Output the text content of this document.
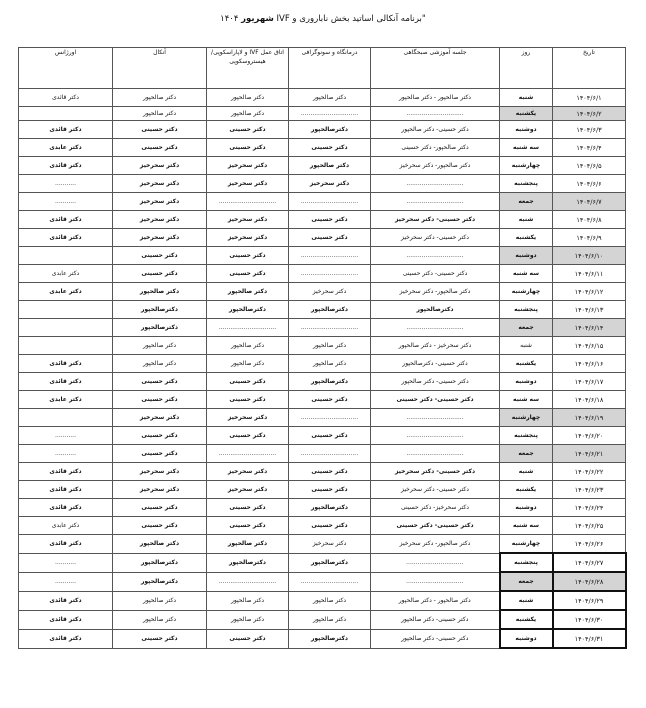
"برنامه آنکالی اساتید بخش ناباروری و IVF شهریور ۱۴۰۴
تاریخ	روز	جلسه آموزشی صبحگاهی	درمانگاه و سونوگرافی	اتاق عمل IVF و لاپاراسکوپی/ هیستروسکوپی	آنکال	اورژانس
۱۴۰۴/۶/۱	شنبه	دکتر صالحپور - دکتر صالحپور	دکتر صالحپور	دکتر صالحپور	دکتر صالحپور	دکتر قائدی
۱۴۰۴/۶/۲	یکشنبه	..............................	..............................	دکتر صالحپور	دکتر صالحپور	
۱۴۰۴/۶/۳	دوشنبه	دکتر حسینی- دکتر صالحپور	دکترصالحپور	دکتر حسینی	دکتر حسینی	دکتر قائدی
۱۴۰۴/۶/۴	سه شنبه	دکتر صالحپور- دکتر حسینی	دکتر حسینی	دکتر حسینی	دکتر حسینی	دکتر عابدی
۱۴۰۴/۶/۵	چهارشنبه	دکتر صالحپور- دکتر سحرخیز	دکتر صالحپور	دکتر سحرخیز	دکتر سحرخیز	دکتر قائدی
۱۴۰۴/۶/۶	پنجشنبه	..............................	دکتر سحرخیز	دکتر سحرخیز	دکتر سحرخیز	...........
۱۴۰۴/۶/۷	جمعه	..............................	..............................	..............................	دکتر سحرخیز	...........
۱۴۰۴/۶/۸	شنبه	دکتر حسینی- دکتر سحرخیز	دکتر حسینی	دکتر سحرخیز	دکتر سحرخیز	دکتر قائدی
۱۴۰۴/۶/۹	یکشنبه	دکتر حسینی- دکتر سحرخیز	دکتر حسینی	دکتر سحرخیز	دکتر سحرخیز	دکتر قائدی
۱۴۰۴/۶/۱۰	دوشنبه	..............................	..............................	دکتر حسینی	دکتر حسینی	
۱۴۰۴/۶/۱۱	سه شنبه	دکتر حسینی- دکتر حسینی	..............................	دکتر حسینی	دکتر حسینی	دکتر عابدی
۱۴۰۴/۶/۱۲	چهارشنبه	دکتر صالحپور- دکتر سحرخیز	دکتر سحرخیز	دکتر صالحپور	دکتر صالحپور	دکتر عابدی
۱۴۰۴/۶/۱۳	پنجشنبه	دکترصالحپور	دکترصالحپور	دکترصالحپور	دکترصالحپور	
۱۴۰۴/۶/۱۴	جمعه	..............................	..............................	..............................	دکترصالحپور	
۱۴۰۴/۶/۱۵	شنبه	دکتر سحرخیز - دکتر صالحپور	دکتر صالحپور	دکتر صالحپور	دکتر صالحپور	
۱۴۰۴/۶/۱۶	یکشنبه	دکتر حسینی- دکترصالحپور	دکتر صالحپور	دکتر صالحپور	دکتر صالحپور	دکتر قائدی
۱۴۰۴/۶/۱۷	دوشنبه	دکتر حسینی- دکتر صالحپور	دکترصالحپور	دکتر حسینی	دکتر حسینی	دکتر قائدی
۱۴۰۴/۶/۱۸	سه شنبه	دکتر حسینی- دکتر حسینی	دکتر حسینی	دکتر حسینی	دکتر حسینی	دکتر عابدی
۱۴۰۴/۶/۱۹	چهارشنبه	..............................	..............................	دکتر سحرخیز	دکتر سحرخیز	
۱۴۰۴/۶/۲۰	پنجشنبه	..............................	دکتر حسینی	دکتر حسینی	دکتر حسینی	...........
۱۴۰۴/۶/۲۱	جمعه	..............................	..............................	..............................	دکتر حسینی	...........
۱۴۰۴/۶/۲۲	شنبه	دکتر حسینی- دکتر سحرخیز	دکتر حسینی	دکتر سحرخیز	دکتر سحرخیز	دکتر قائدی
۱۴۰۴/۶/۲۳	یکشنبه	دکتر حسینی- دکتر سحرخیز	دکتر حسینی	دکتر سحرخیز	دکتر سحرخیز	دکتر قائدی
۱۴۰۴/۶/۲۴	دوشنبه	دکتر سحرخیز- دکتر حسینی	دکترصالحپور	دکتر حسینی	دکتر حسینی	دکتر قائدی
۱۴۰۴/۶/۲۵	سه شنبه	دکتر حسینی- دکتر حسینی	دکتر حسینی	دکتر حسینی	دکتر حسینی	دکتر عابدی
۱۴۰۴/۶/۲۶	چهارشنبه	دکتر صالحپور- دکتر سحرخیز	دکتر سحرخیز	دکتر صالحپور	دکتر صالحپور	دکتر قائدی
۱۴۰۴/۶/۲۷	پنجشنبه	..............................	دکترصالحپور	دکترصالحپور	دکترصالحپور	...........
۱۴۰۴/۶/۲۸	جمعه	..............................	..............................	..............................	دکترصالحپور	...........
۱۴۰۴/۶/۲۹	شنبه	دکتر صالحپور - دکتر صالحپور	دکتر صالحپور	دکتر صالحپور	دکتر صالحپور	دکتر قائدی
۱۴۰۴/۶/۳۰	یکشنبه	دکتر حسینی- دکتر صالحپور	دکتر صالحپور	دکتر صالحپور	دکتر صالحپور	دکتر قائدی
۱۴۰۴/۶/۳۱	دوشنبه	دکتر حسینی- دکتر صالحپور	دکترصالحپور	دکتر حسینی	دکتر حسینی	دکتر قائدی
